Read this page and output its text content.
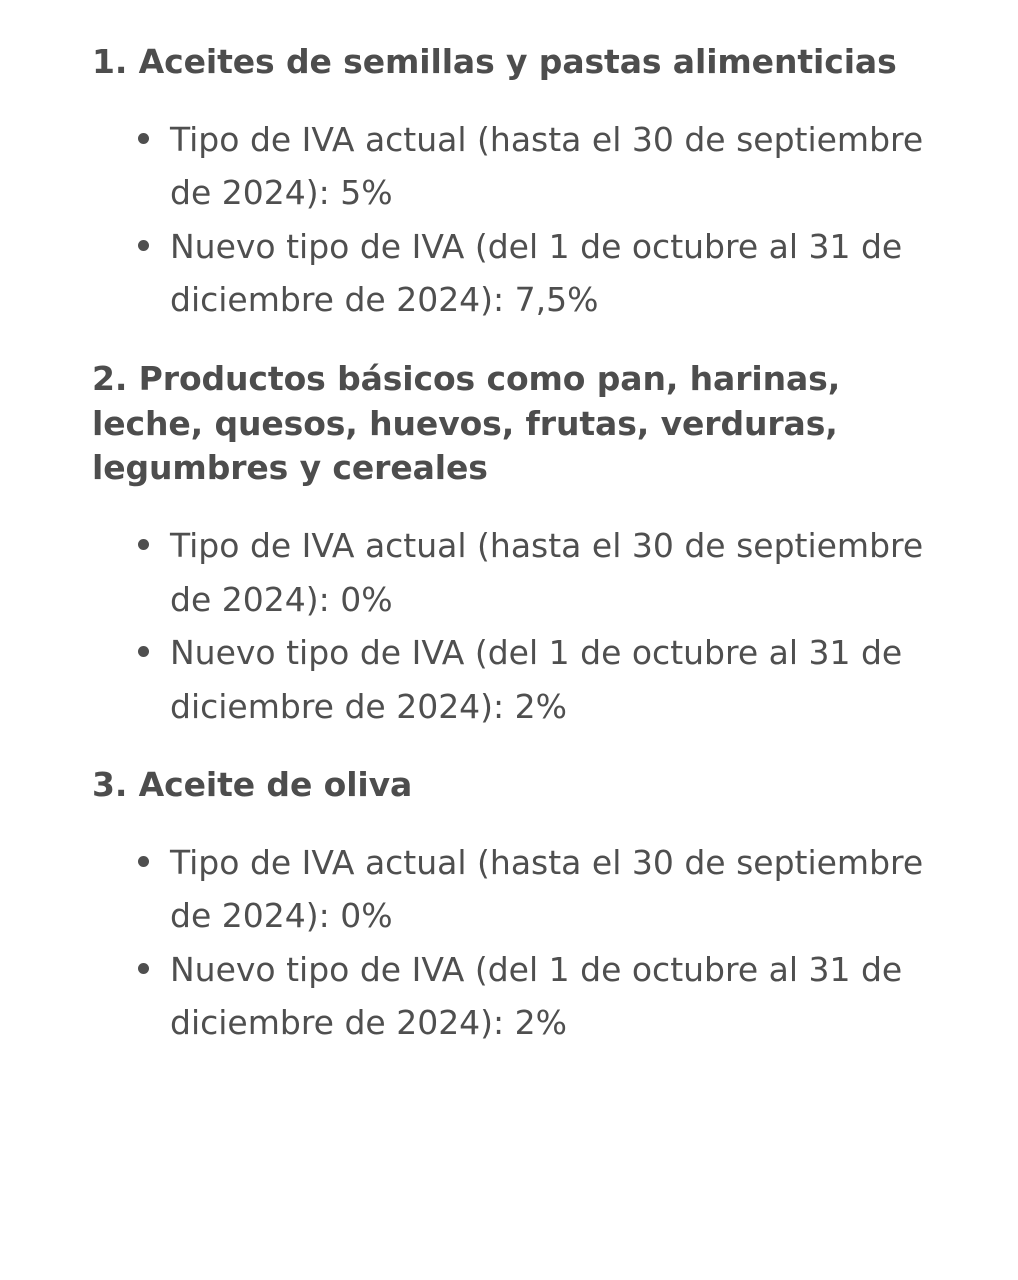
1. Aceites de semillas y pastas alimenticias
Tipo de IVA actual (hasta el 30 de septiembre de 2024): 5%
Nuevo tipo de IVA (del 1 de octubre al 31 de diciembre de 2024): 7,5%
2. Productos básicos como pan, harinas, leche, quesos, huevos, frutas, verduras, legumbres y cereales
Tipo de IVA actual (hasta el 30 de septiembre de 2024): 0%
Nuevo tipo de IVA (del 1 de octubre al 31 de diciembre de 2024): 2%
3. Aceite de oliva
Tipo de IVA actual (hasta el 30 de septiembre de 2024): 0%
Nuevo tipo de IVA (del 1 de octubre al 31 de diciembre de 2024): 2%
